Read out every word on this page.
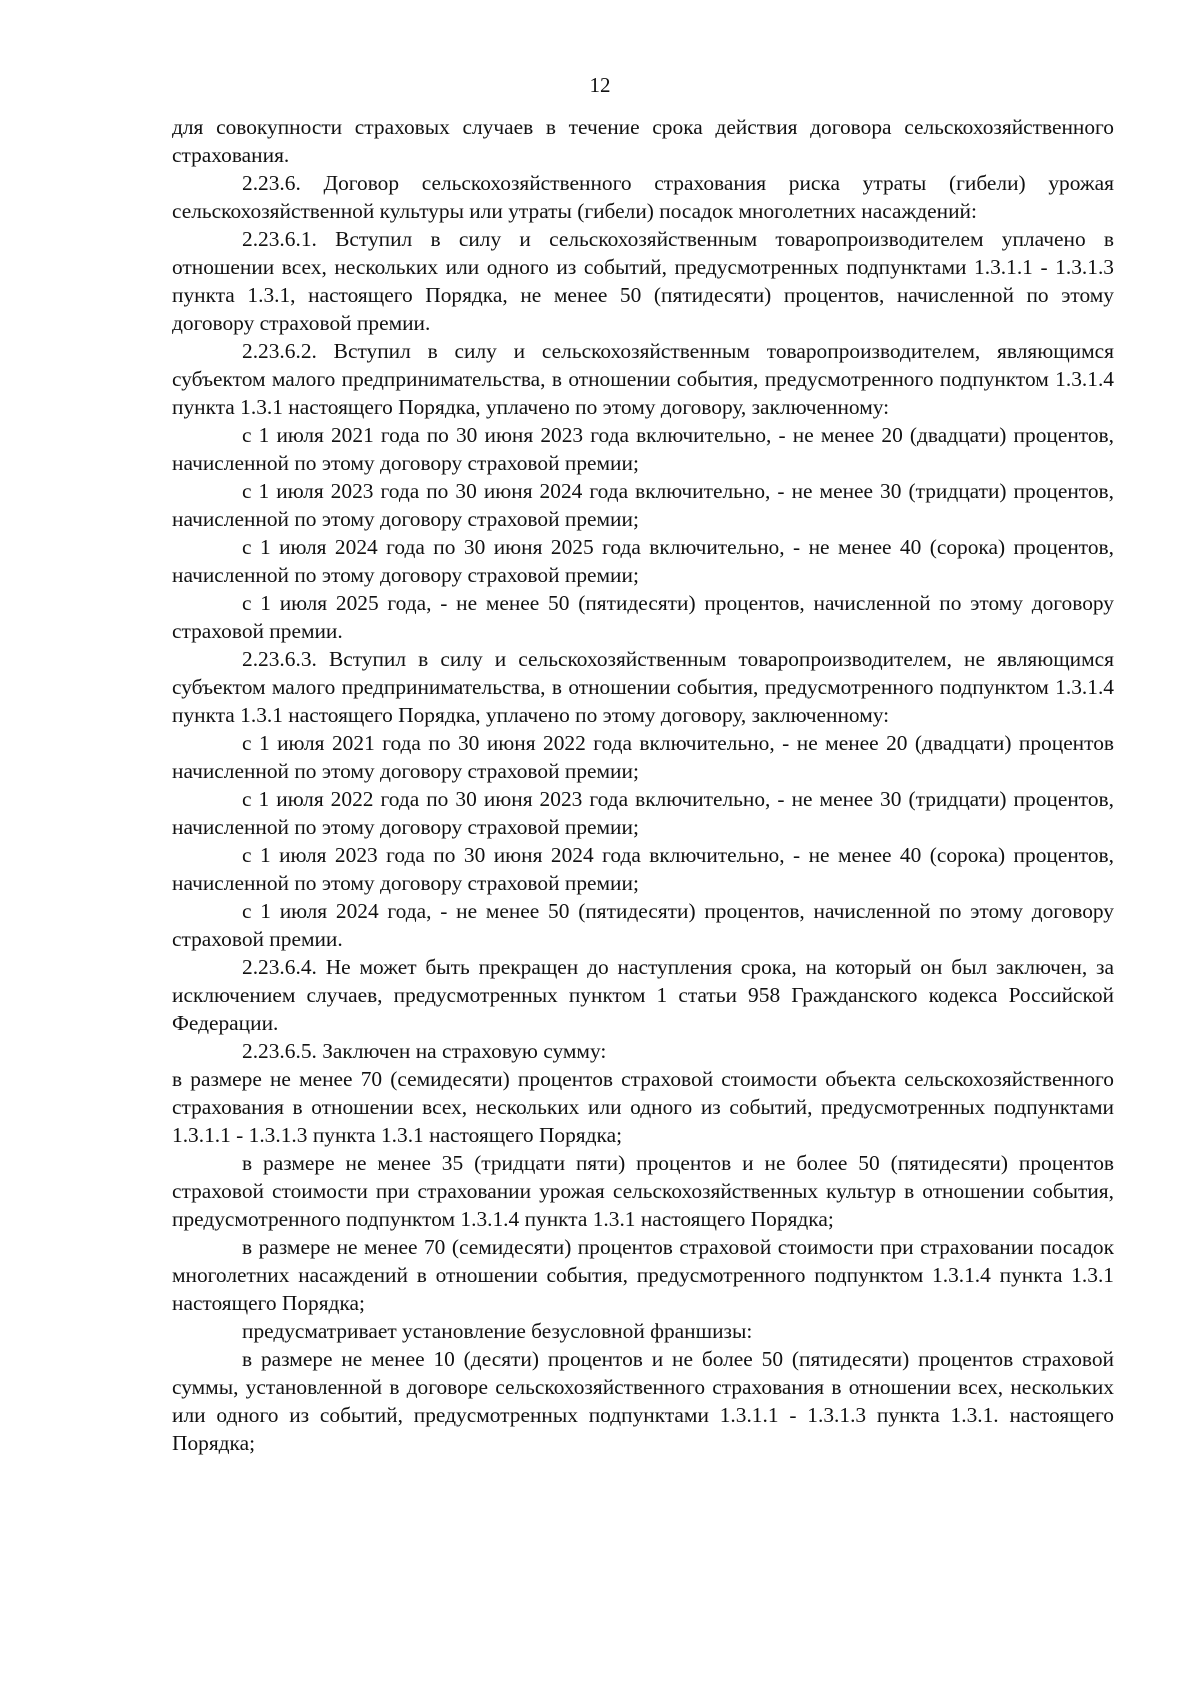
12

для совокупности страховых случаев в течение срока действия договора сельскохозяйственного страхования.

2.23.6. Договор сельскохозяйственного страхования риска утраты (гибели) урожая сельскохозяйственной культуры или утраты (гибели) посадок многолетних насаждений:

2.23.6.1. Вступил в силу и сельскохозяйственным товаропроизводителем уплачено в отношении всех, нескольких или одного из событий, предусмотренных подпунктами 1.3.1.1 - 1.3.1.3 пункта 1.3.1, настоящего Порядка, не менее 50 (пятидесяти) процентов, начисленной по этому договору страховой премии.

2.23.6.2. Вступил в силу и сельскохозяйственным товаропроизводителем, являющимся субъектом малого предпринимательства, в отношении события, предусмотренного подпунктом 1.3.1.4 пункта 1.3.1 настоящего Порядка, уплачено по этому договору, заключенному:

с 1 июля 2021 года по 30 июня 2023 года включительно, - не менее 20 (двадцати) процентов, начисленной по этому договору страховой премии;

с 1 июля 2023 года по 30 июня 2024 года включительно, - не менее 30 (тридцати) процентов, начисленной по этому договору страховой премии;

с 1 июля 2024 года по 30 июня 2025 года включительно, - не менее 40 (сорока) процентов, начисленной по этому договору страховой премии;

с 1 июля 2025 года, - не менее 50 (пятидесяти) процентов, начисленной по этому договору страховой премии.

2.23.6.3. Вступил в силу и сельскохозяйственным товаропроизводителем, не являющимся субъектом малого предпринимательства, в отношении события, предусмотренного подпунктом 1.3.1.4 пункта 1.3.1 настоящего Порядка, уплачено по этому договору, заключенному:

с 1 июля 2021 года по 30 июня 2022 года включительно, - не менее 20 (двадцати) процентов начисленной по этому договору страховой премии;

с 1 июля 2022 года по 30 июня 2023 года включительно, - не менее 30 (тридцати) процентов, начисленной по этому договору страховой премии;

с 1 июля 2023 года по 30 июня 2024 года включительно, - не менее 40 (сорока) процентов, начисленной по этому договору страховой премии;

с 1 июля 2024 года, - не менее 50 (пятидесяти) процентов, начисленной по этому договору страховой премии.

2.23.6.4. Не может быть прекращен до наступления срока, на который он был заключен, за исключением случаев, предусмотренных пунктом 1 статьи 958 Гражданского кодекса Российской Федерации.

2.23.6.5. Заключен на страховую сумму:

в размере не менее 70 (семидесяти) процентов страховой стоимости объекта сельскохозяйственного страхования в отношении всех, нескольких или одного из событий, предусмотренных подпунктами 1.3.1.1 - 1.3.1.3 пункта 1.3.1 настоящего Порядка;

в размере не менее 35 (тридцати пяти) процентов и не более 50 (пятидесяти) процентов страховой стоимости при страховании урожая сельскохозяйственных культур в отношении события, предусмотренного подпунктом 1.3.1.4 пункта 1.3.1 настоящего Порядка;

в размере не менее 70 (семидесяти) процентов страховой стоимости при страховании посадок многолетних насаждений в отношении события, предусмотренного подпунктом 1.3.1.4 пункта 1.3.1 настоящего Порядка;

предусматривает установление безусловной франшизы:

в размере не менее 10 (десяти) процентов и не более 50 (пятидесяти) процентов страховой суммы, установленной в договоре сельскохозяйственного страхования в отношении всех, нескольких или одного из событий, предусмотренных подпунктами 1.3.1.1 - 1.3.1.3 пункта 1.3.1. настоящего Порядка;
